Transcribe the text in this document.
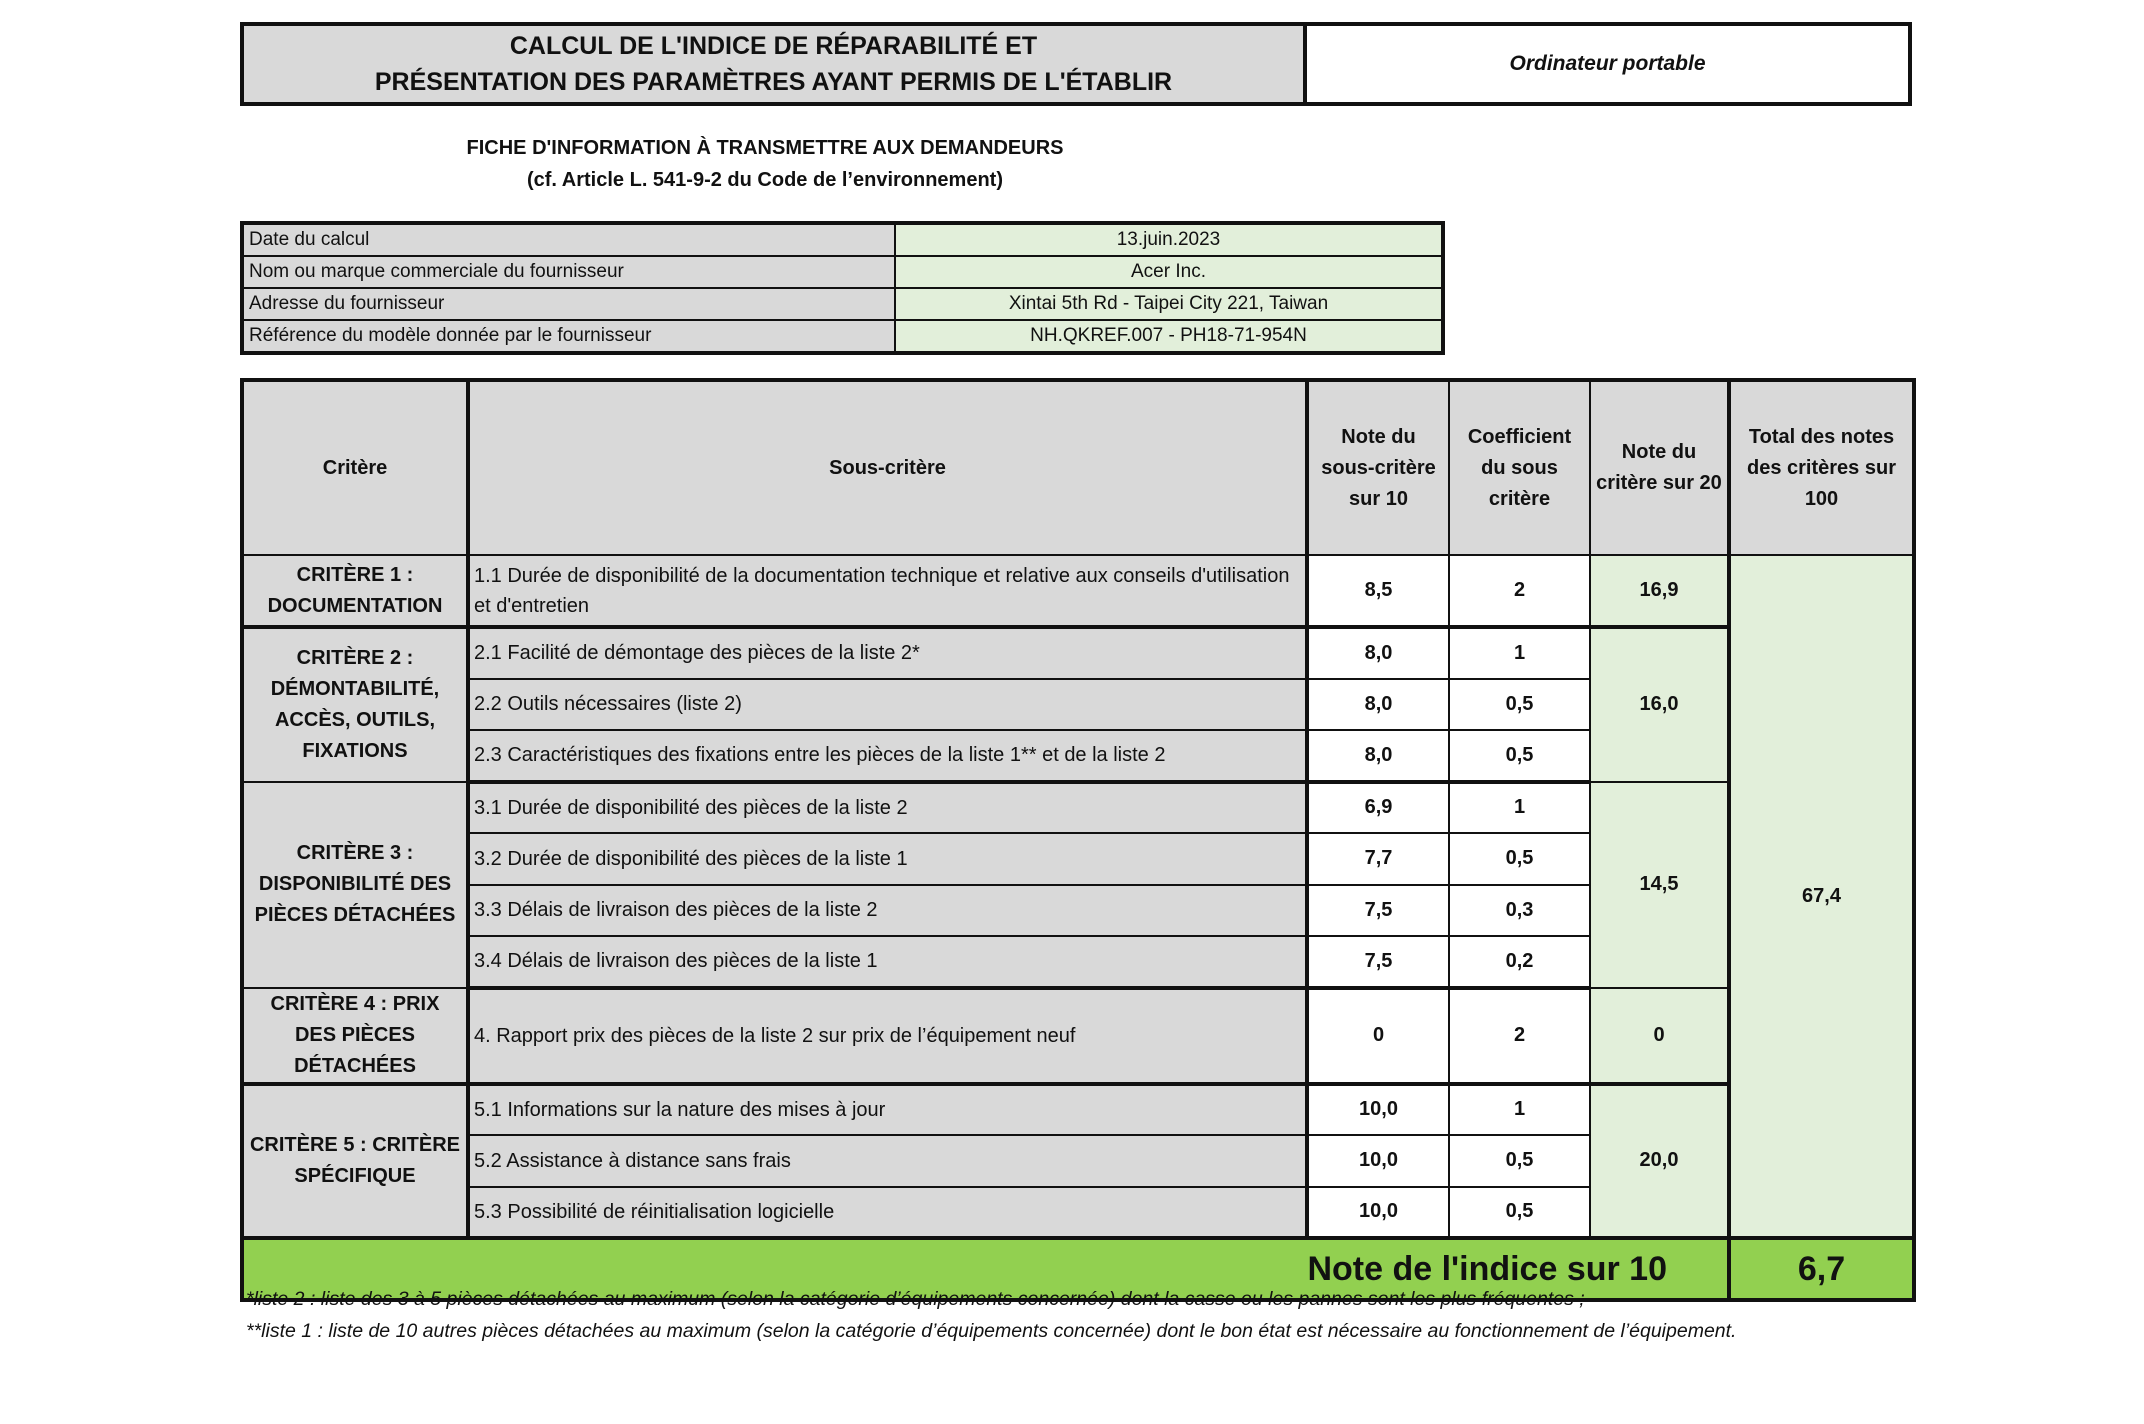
CALCUL DE L'INDICE DE RÉPARABILITÉ ET
PRÉSENTATION DES PARAMÈTRES AYANT PERMIS DE L'ÉTABLIR
Ordinateur portable
FICHE D'INFORMATION À TRANSMETTRE AUX DEMANDEURS
(cf. Article L. 541-9-2 du Code de l’environnement)
Date du calcul	13.juin.2023
Nom ou marque commerciale du fournisseur	Acer Inc.
Adresse du fournisseur	Xintai 5th Rd - Taipei City 221, Taiwan
Référence du modèle donnée par le fournisseur	NH.QKREF.007 - PH18-71-954N
Critère	Sous-critère	Note du sous-critère sur 10	Coefficient du sous critère	Note du critère sur 20	Total des notes des critères sur 100
CRITÈRE 1 : DOCUMENTATION	1.1 Durée de disponibilité de la documentation technique et relative aux conseils d'utilisation et d'entretien	8,5	2	16,9	67,4
CRITÈRE 2 : DÉMONTABILITÉ, ACCÈS, OUTILS, FIXATIONS	2.1 Facilité de démontage des pièces de la liste 2*	8,0	1	16,0	
	2.2 Outils nécessaires (liste 2)	8,0	0,5		
	2.3 Caractéristiques des fixations entre les pièces de la liste 1** et de la liste 2	8,0	0,5		
CRITÈRE 3 : DISPONIBILITÉ DES PIÈCES DÉTACHÉES	3.1 Durée de disponibilité des pièces de la liste 2	6,9	1	14,5	
	3.2 Durée de disponibilité des pièces de la liste 1	7,7	0,5		
	3.3 Délais de livraison des pièces de la liste 2	7,5	0,3		
	3.4 Délais de livraison des pièces de la liste 1	7,5	0,2		
CRITÈRE 4 : PRIX DES PIÈCES DÉTACHÉES	4. Rapport prix des pièces de la liste 2 sur prix de l’équipement neuf	0	2	0	
CRITÈRE 5 : CRITÈRE SPÉCIFIQUE	5.1 Informations sur la nature des mises à jour	10,0	1	20,0	
	5.2 Assistance à distance sans frais	10,0	0,5		
	5.3 Possibilité de réinitialisation logicielle	10,0	0,5		
Note de l'indice sur 10					6,7
*liste 2 : liste des 3 à 5 pièces détachées au maximum (selon la catégorie d’équipements concernée) dont la casse ou les pannes sont les plus fréquentes ;
**liste 1 : liste de 10 autres pièces détachées au maximum (selon la catégorie d’équipements concernée) dont le bon état est nécessaire au fonctionnement de l’équipement.
